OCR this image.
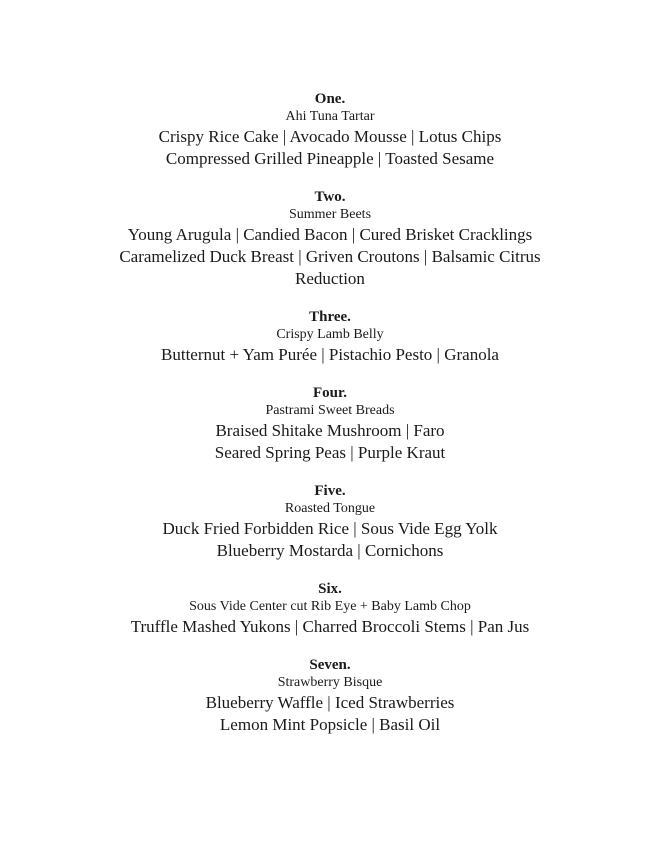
One.
Ahi Tuna Tartar
Crispy Rice Cake | Avocado Mousse | Lotus Chips
Compressed Grilled Pineapple | Toasted Sesame
Two.
Summer Beets
Young Arugula | Candied Bacon | Cured Brisket Cracklings
Caramelized Duck Breast | Griven Croutons | Balsamic Citrus Reduction
Three.
Crispy Lamb Belly
Butternut + Yam Purée | Pistachio Pesto | Granola
Four.
Pastrami Sweet Breads
Braised Shitake Mushroom | Faro
Seared Spring Peas | Purple Kraut
Five.
Roasted Tongue
Duck Fried Forbidden Rice | Sous Vide Egg Yolk
Blueberry Mostarda | Cornichons
Six.
Sous Vide Center cut Rib Eye + Baby Lamb Chop
Truffle Mashed Yukons | Charred Broccoli Stems | Pan Jus
Seven.
Strawberry Bisque
Blueberry Waffle | Iced Strawberries
Lemon Mint Popsicle | Basil Oil
